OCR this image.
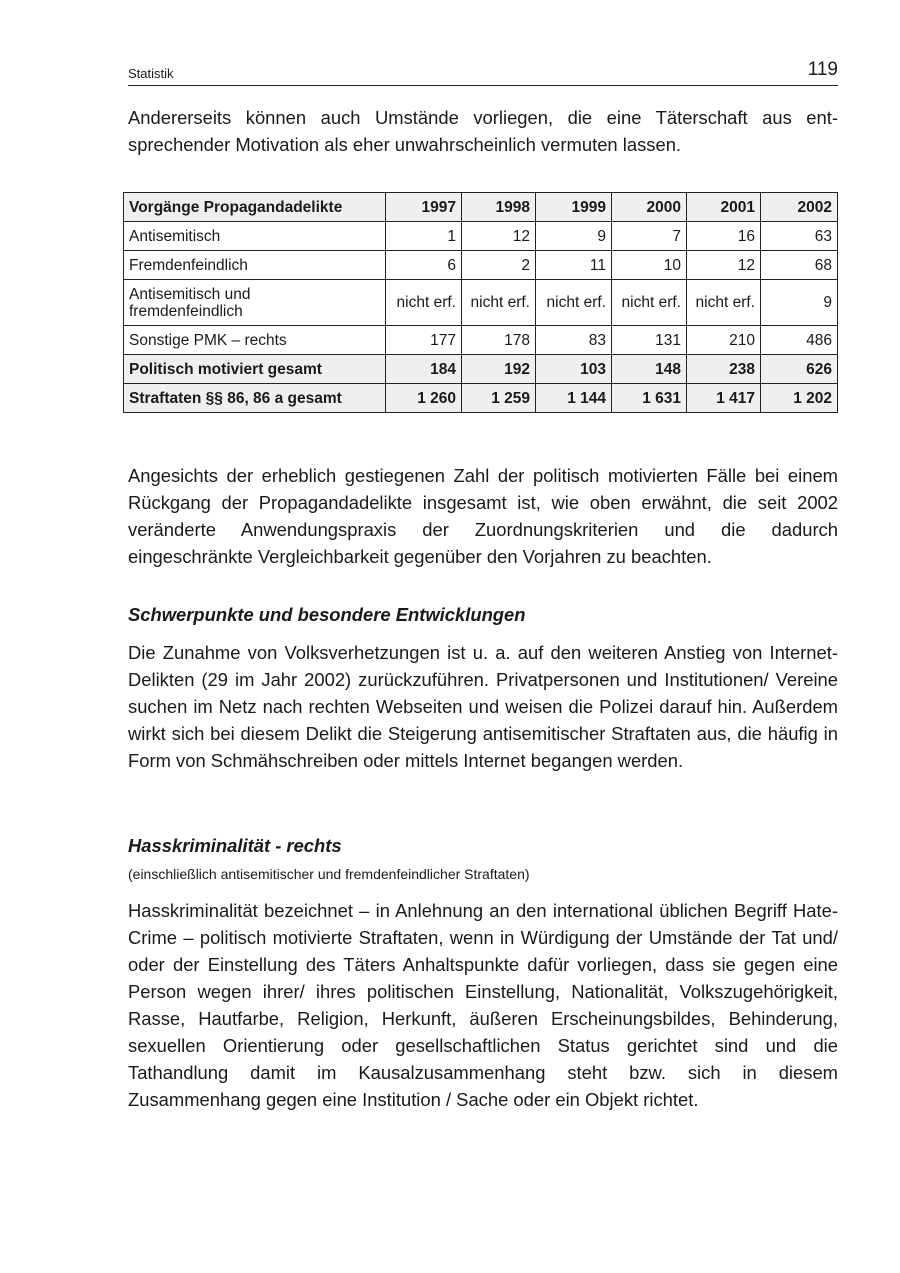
Statistik	119

Andererseits können auch Umstände vorliegen, die eine Täterschaft aus entsprechender Motivation als eher unwahrscheinlich vermuten lassen.

Vorgänge Propagandadelikte	1997	1998	1999	2000	2001	2002
Antisemitisch	1	12	9	7	16	63
Fremdenfeindlich	6	2	11	10	12	68

Antisemitisch und
fremdenfeindlich	nicht erf.	nicht erf.	nicht erf.	nicht erf.	nicht erf.	9
Sonstige PMK – rechts	177	178	83	131	210	486
Politisch motiviert gesamt	184	192	103	148	238	626
Straftaten §§ 86, 86 a gesamt	1 260	1 259	1 144	1 631	1 417	1 202

Angesichts der erheblich gestiegenen Zahl der politisch motivierten Fälle bei einem Rückgang der Propagandadelikte insgesamt ist, wie oben erwähnt, die seit 2002 veränderte Anwendungspraxis der Zuordnungskriterien und die dadurch eingeschränkte Vergleichbarkeit gegenüber den Vorjahren zu beachten.

Schwerpunkte und besondere Entwicklungen

Die Zunahme von Volksverhetzungen ist u. a. auf den weiteren Anstieg von Internet-Delikten (29 im Jahr 2002) zurückzuführen. Privatpersonen und Institutionen/ Vereine suchen im Netz nach rechten Webseiten und weisen die Polizei darauf hin. Außerdem wirkt sich bei diesem Delikt die Steigerung antisemitischer Straftaten aus, die häufig in Form von Schmähschreiben oder mittels Internet begangen werden.

Hasskriminalität - rechts

(einschließlich antisemitischer und fremdenfeindlicher Straftaten)

Hasskriminalität bezeichnet – in Anlehnung an den international üblichen Begriff Hate-Crime – politisch motivierte Straftaten, wenn in Würdigung der Umstände der Tat und/ oder der Einstellung des Täters Anhaltspunkte dafür vorliegen, dass sie gegen eine Person wegen ihrer/ ihres politischen Einstellung, Nationalität, Volkszugehörigkeit, Rasse, Hautfarbe, Religion, Herkunft, äußeren Erscheinungsbildes, Behinderung, sexuellen Orientierung oder gesellschaftlichen Status gerichtet sind und die Tathandlung damit im Kausalzusammenhang steht bzw. sich in diesem Zusammenhang gegen eine Institution / Sache oder ein Objekt richtet.
